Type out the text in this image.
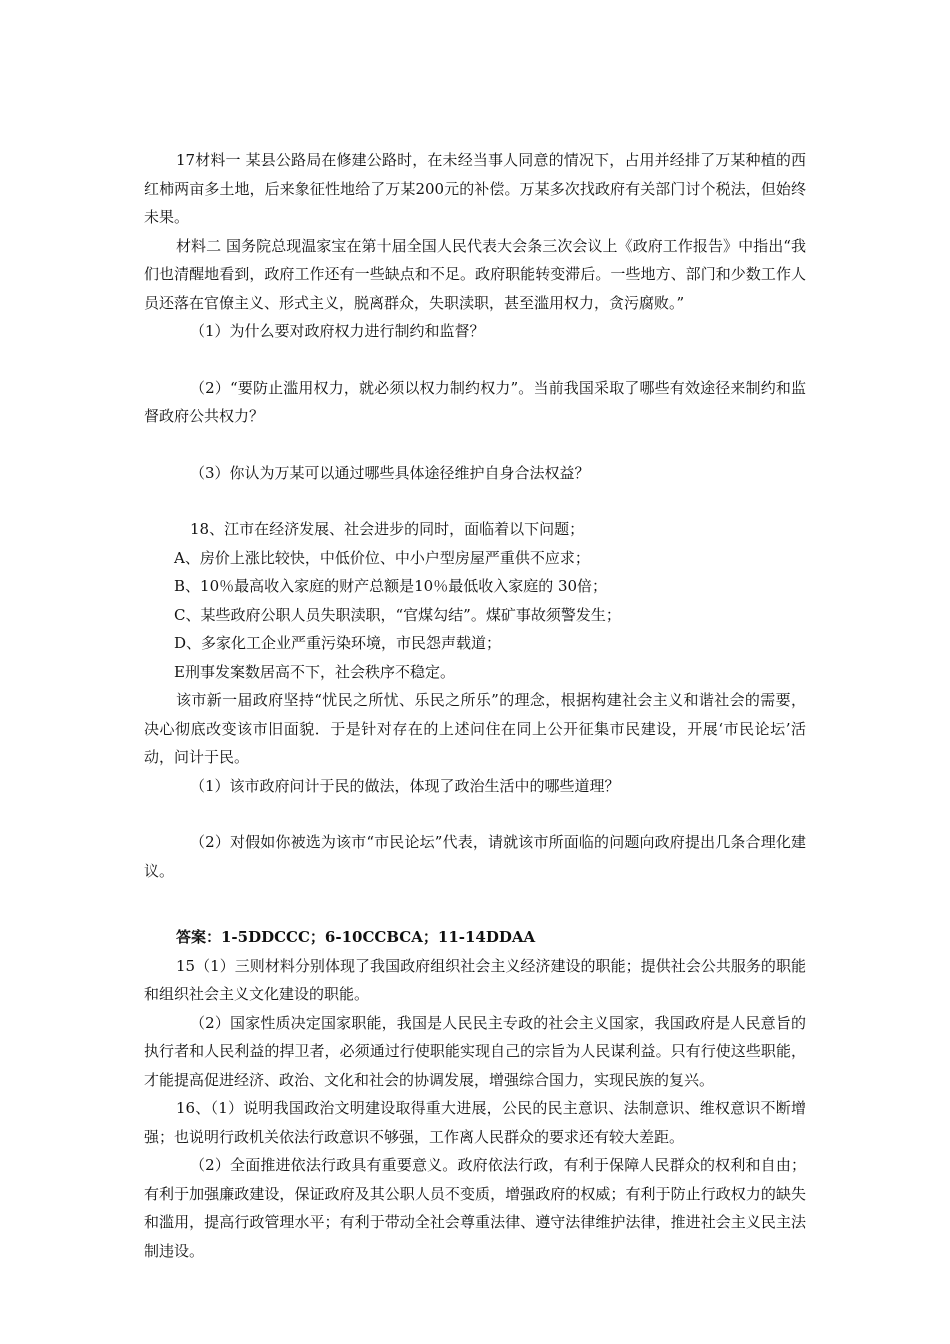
17材料一 某县公路局在修建公路时，在未经当事人同意的情况下，占用并经排了万某种植的西红柿两亩多土地，后来象征性地给了万某200元的补偿。万某多次找政府有关部门讨个税法，但始终未果。

材料二 国务院总现温家宝在第十届全国人民代表大会条三次会议上《政府工作报告》中指出“我们也清醒地看到，政府工作还有一些缺点和不足。政府职能转变滞后。一些地方、部门和少数工作人员还落在官僚主义、形式主义，脱离群众，失职渎职，甚至滥用权力，贪污腐败。”

（1）为什么要对政府权力进行制约和监督？

（2）“要防止滥用权力，就必须以权力制约权力”。当前我国采取了哪些有效途径来制约和监督政府公共权力？

（3）你认为万某可以通过哪些具体途径维护自身合法权益？

18、江市在经济发展、社会进步的同时，面临着以下问题；

A、房价上涨比较快，中低价位、中小户型房屋严重供不应求；

B、10％最高收入家庭的财产总额是10％最低收入家庭的 30倍；

C、某些政府公职人员失职渎职，“官煤勾结”。煤矿事故须警发生；

D、多家化工企业严重污染环境，市民怨声载道；

E刑事发案数居高不下，社会秩序不稳定。

该市新一届政府坚持“忧民之所忧、乐民之所乐”的理念，根据构建社会主义和谐社会的需要，决心彻底改变该市旧面貌．于是针对存在的上述问住在同上公开征集市民建设，开展‘市民论坛’活动，问计于民。

（1）该市政府问计于民的做法，体现了政治生活中的哪些道理？

（2）对假如你被选为该市“市民论坛”代表，请就该市所面临的问题向政府提出几条合理化建议。

答案：1-5DDCCC；6-10CCBCA；11-14DDAA

15（1）三则材料分别体现了我国政府组织社会主义经济建设的职能；提供社会公共服务的职能和组织社会主义文化建设的职能。

（2）国家性质决定国家职能，我国是人民民主专政的社会主义国家，我国政府是人民意旨的执行者和人民利益的捍卫者，必须通过行使职能实现自己的宗旨为人民谋利益。只有行使这些职能，才能提高促进经济、政治、文化和社会的协调发展，增强综合国力，实现民族的复兴。

16、（1）说明我国政治文明建设取得重大进展，公民的民主意识、法制意识、维权意识不断增强；也说明行政机关依法行政意识不够强，工作离人民群众的要求还有较大差距。

（2）全面推进依法行政具有重要意义。政府依法行政，有利于保障人民群众的权利和自由；有利于加强廉政建设，保证政府及其公职人员不变质，增强政府的权威；有利于防止行政权力的缺失和滥用，提高行政管理水平；有利于带动全社会尊重法律、遵守法律维护法律，推进社会主义民主法制违设。
